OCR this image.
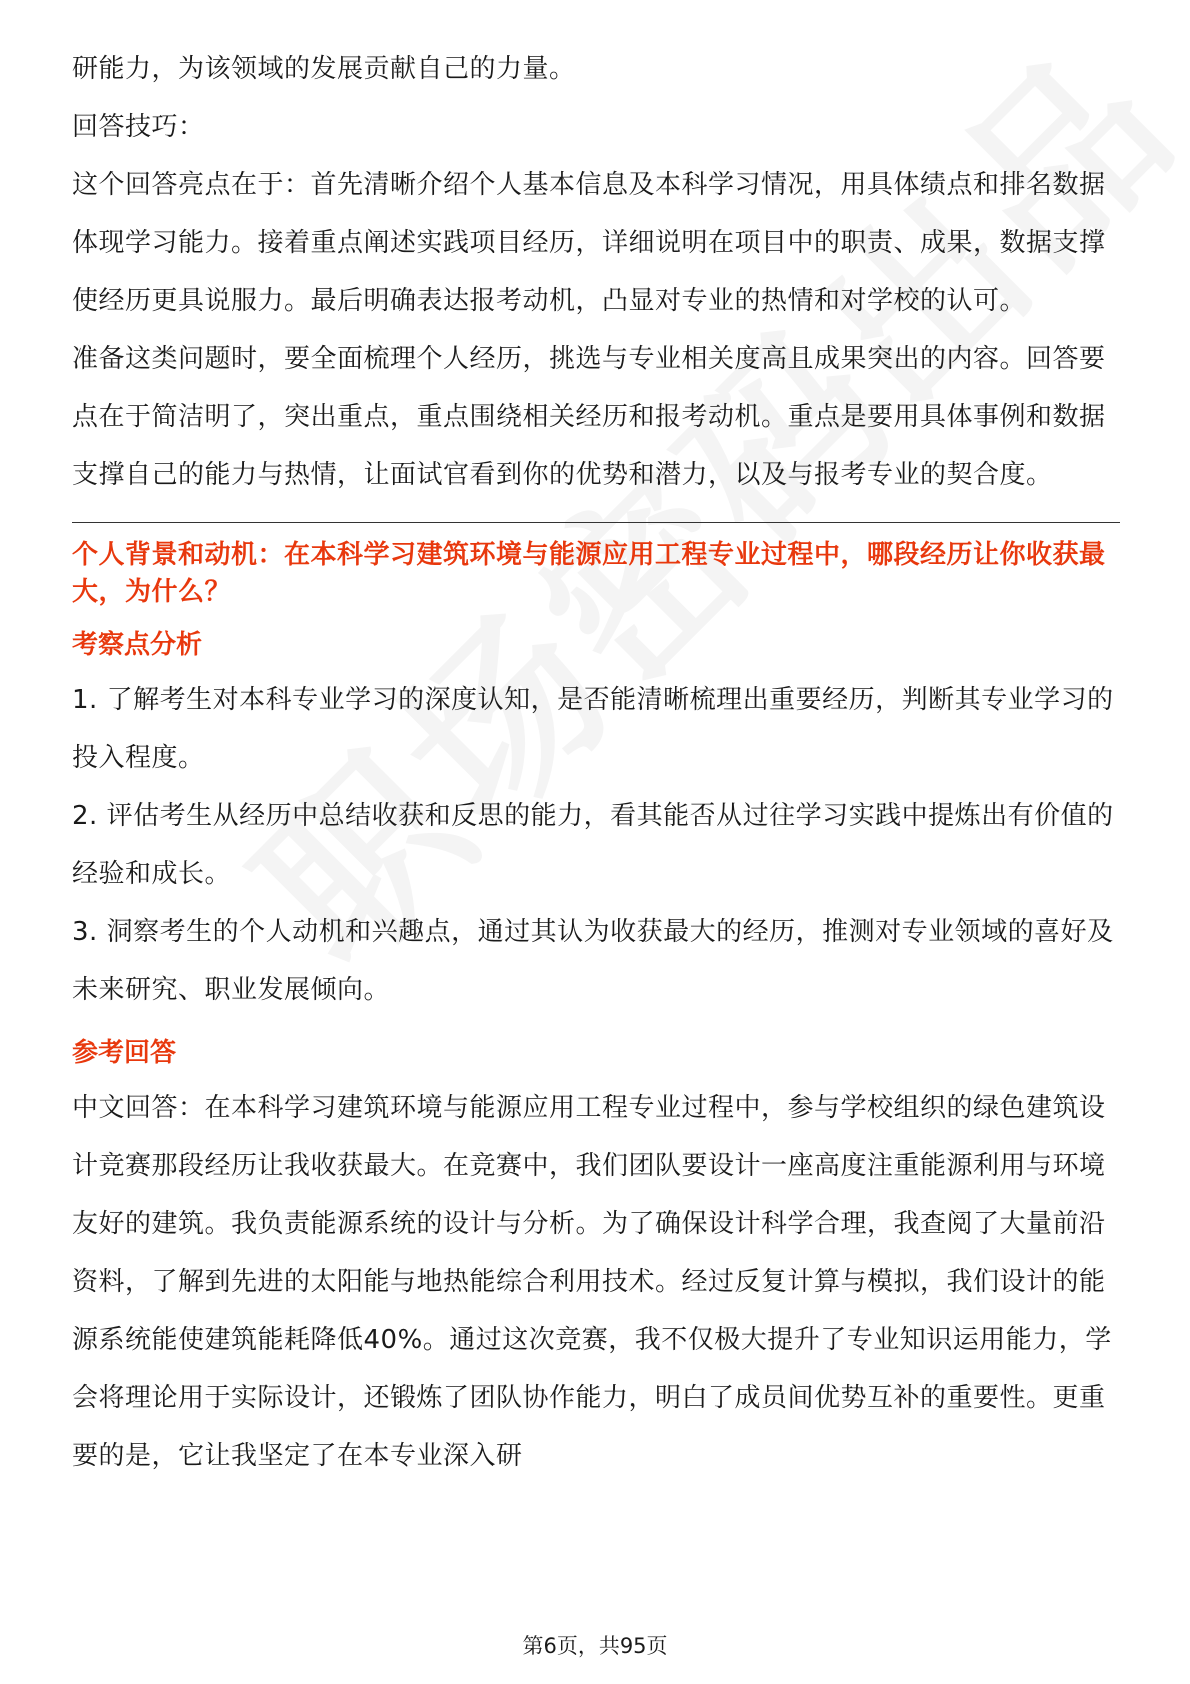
研能力，为该领域的发展贡献自己的力量。

回答技巧：

这个回答亮点在于：首先清晰介绍个人基本信息及本科学习情况，用具体绩点和排名数据体现学习能力。接着重点阐述实践项目经历，详细说明在项目中的职责、成果，数据支撑使经历更具说服力。最后明确表达报考动机，凸显对专业的热情和对学校的认可。

准备这类问题时，要全面梳理个人经历，挑选与专业相关度高且成果突出的内容。回答要点在于简洁明了，突出重点，重点围绕相关经历和报考动机。重点是要用具体事例和数据支撑自己的能力与热情，让面试官看到你的优势和潜力，以及与报考专业的契合度。

个人背景和动机：在本科学习建筑环境与能源应用工程专业过程中，哪段经历让你收获最大，为什么？

考察点分析

1. 了解考生对本科专业学习的深度认知，是否能清晰梳理出重要经历，判断其专业学习的投入程度。

2. 评估考生从经历中总结收获和反思的能力，看其能否从过往学习实践中提炼出有价值的经验和成长。

3. 洞察考生的个人动机和兴趣点，通过其认为收获最大的经历，推测对专业领域的喜好及未来研究、职业发展倾向。

参考回答

中文回答：在本科学习建筑环境与能源应用工程专业过程中，参与学校组织的绿色建筑设计竞赛那段经历让我收获最大。在竞赛中，我们团队要设计一座高度注重能源利用与环境友好的建筑。我负责能源系统的设计与分析。为了确保设计科学合理，我查阅了大量前沿资料，了解到先进的太阳能与地热能综合利用技术。经过反复计算与模拟，我们设计的能源系统能使建筑能耗降低40%。通过这次竞赛，我不仅极大提升了专业知识运用能力，学会将理论用于实际设计，还锻炼了团队协作能力，明白了成员间优势互补的重要性。更重要的是，它让我坚定了在本专业深入研

第6页，共95页
